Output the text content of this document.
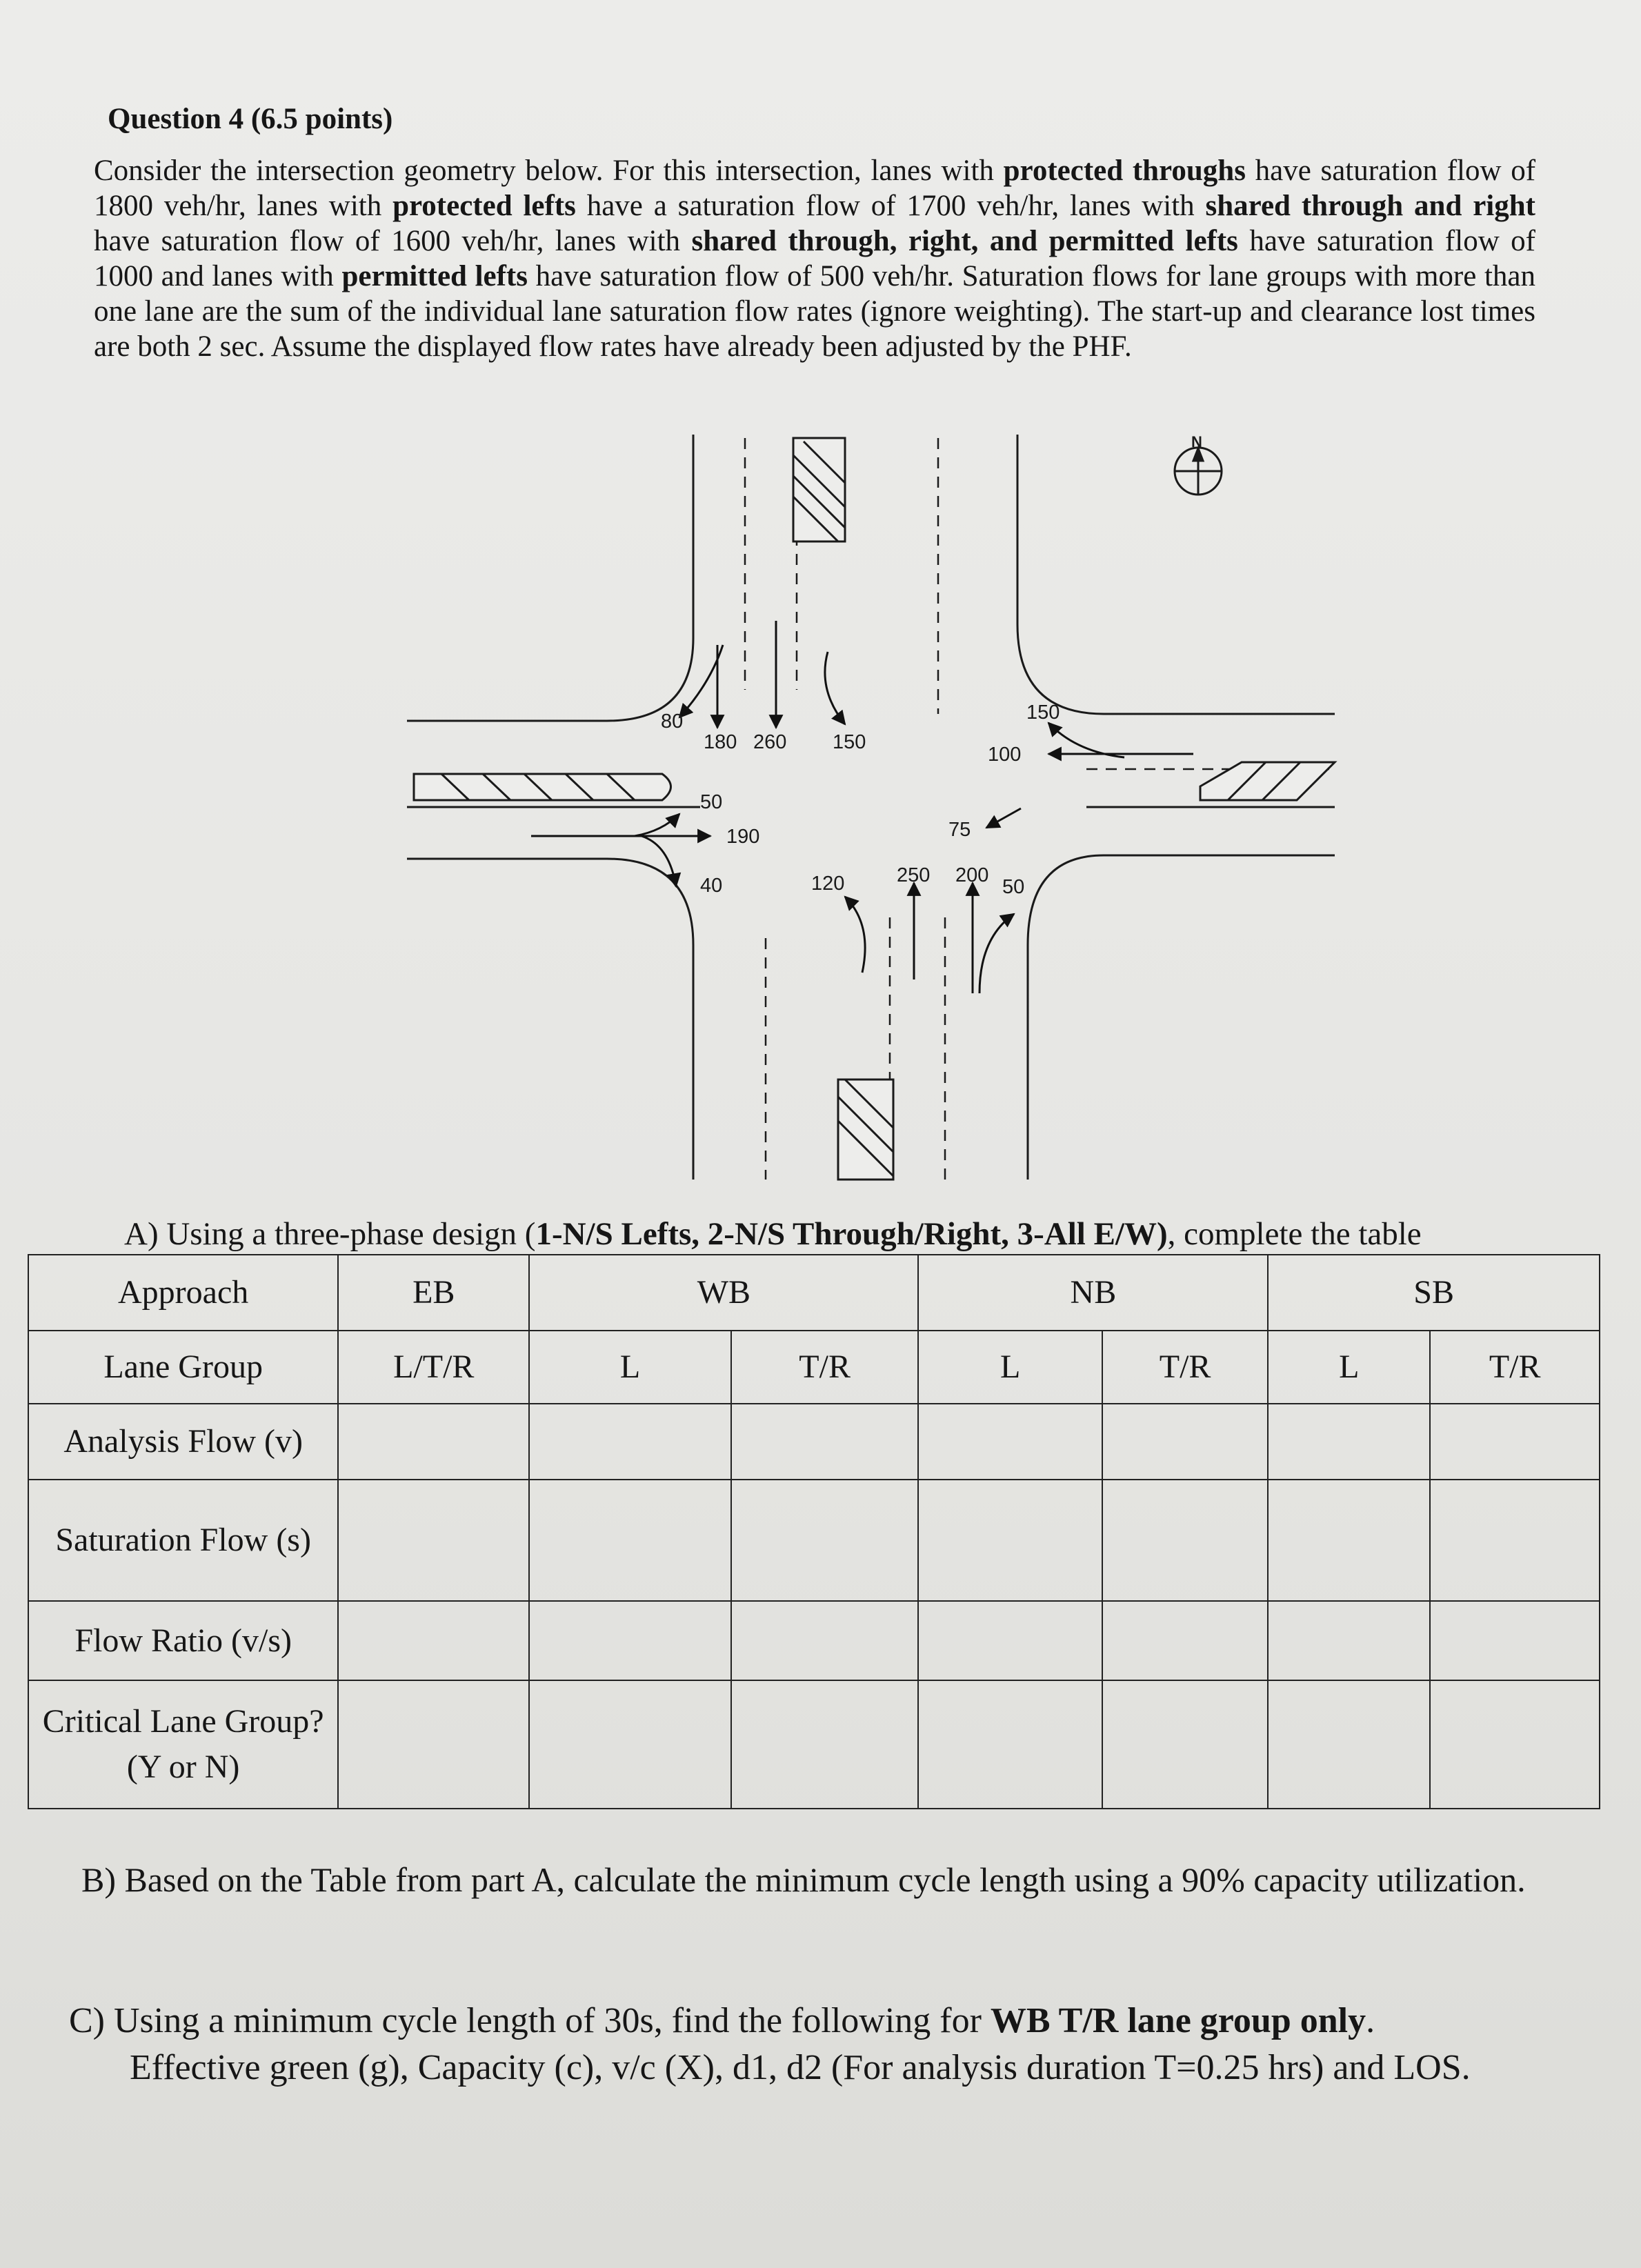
Question 4 (6.5 points)
Consider the intersection geometry below. For this intersection, lanes with protected throughs have saturation flow of 1800 veh/hr, lanes with protected lefts have a saturation flow of 1700 veh/hr, lanes with shared through and right have saturation flow of 1600 veh/hr, lanes with shared through, right, and permitted lefts have saturation flow of 1000 and lanes with permitted lefts have saturation flow of 500 veh/hr. Saturation flows for lane groups with more than one lane are the sum of the individual lane saturation flow rates (ignore weighting). The start-up and clearance lost times are both 2 sec. Assume the displayed flow rates have already been adjusted by the PHF.
N
80
180 260 150
150
100
75
50
190
40	120	250 200
50
A) Using a three-phase design (1-N/S Lefts, 2-N/S Through/Right, 3-All E/W), complete the table
Approach	EB	WB		NB		SB	
Lane Group	L/T/R	L	T/R	L	T/R	L	T/R
Analysis Flow (v)							
Saturation Flow (s)							
Flow Ratio (v/s)							
Critical Lane Group? (Y or N)							
B) Based on the Table from part A, calculate the minimum cycle length using a 90% capacity utilization.
C) Using a minimum cycle length of 30s, find the following for WB T/R lane group only.
Effective green (g), Capacity (c), v/c (X), d1, d2 (For analysis duration T=0.25 hrs) and LOS.
